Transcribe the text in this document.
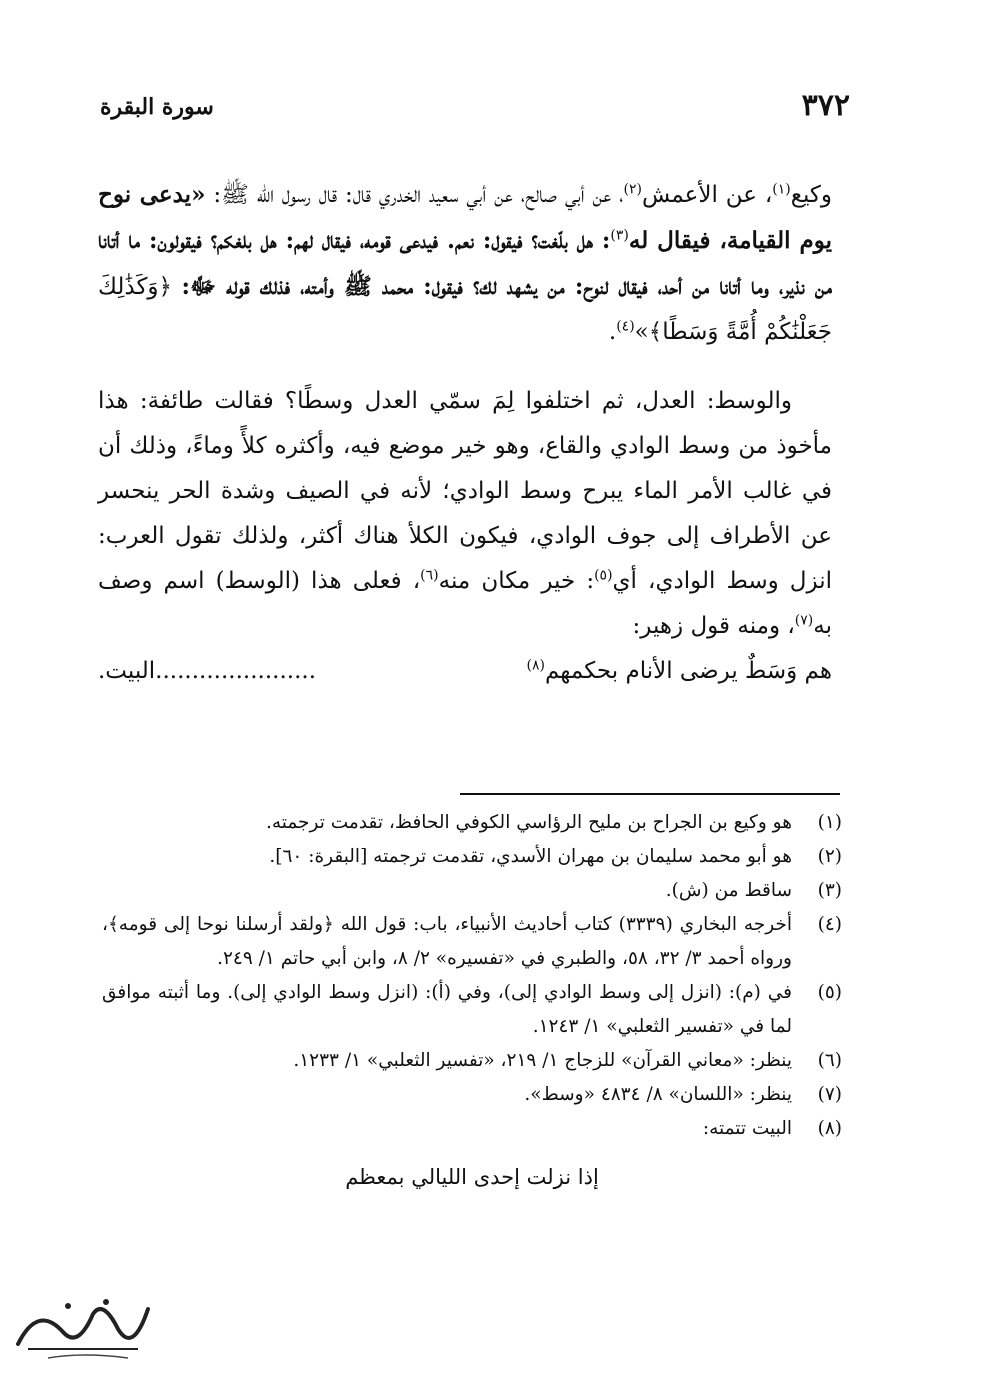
٣٧٢
سورة البقرة

وكيع$^{(١)}$، عن الأعمش$^{(٢)}$، عن أبي صالح، عن أبي سعيد الخدري قال: قال رسول الله ﷺ: «يدعى نوح يوم القيامة، فيقال له$^{(٣)}$: هل بلّغت؟ فيقول: نعم. فيدعى قومه، فيقال لهم: هل بلغكم؟ فيقولون: ما أتانا من نذير، وما أتانا من أحد، فيقال لنوح: من يشهد لك؟ فيقول: محمد ﷺ وأمته، فذلك قوله ﷻ: ﴿وَكَذَٰلِكَ جَعَلْنَٰكُمْ أُمَّةً وَسَطًا﴾»$^{(٤)}$.

والوسط: العدل، ثم اختلفوا لِمَ سمّي العدل وسطًا؟ فقالت طائفة: هذا مأخوذ من وسط الوادي والقاع، وهو خير موضع فيه، وأكثره كلأً وماءً، وذلك أن في غالب الأمر الماء يبرح وسط الوادي؛ لأنه في الصيف وشدة الحر ينحسر عن الأطراف إلى جوف الوادي، فيكون الكلأ هناك أكثر، ولذلك تقول العرب: انزل وسط الوادي، أي$^{(٥)}$: خير مكان منه$^{(٦)}$، فعلى هذا (الوسط) اسم وصف به$^{(٧)}$، ومنه قول زهير:

هم وَسَطٌ يرضى الأنام بحكمهم$^{(٨)}$
......................البيت.
(١)
هو وكيع بن الجراح بن مليح الرؤاسي الكوفي الحافظ، تقدمت ترجمته.
(٢)
هو أبو محمد سليمان بن مهران الأسدي، تقدمت ترجمته [البقرة: ٦٠].
(٣)
ساقط من (ش).
(٤)
أخرجه البخاري (٣٣٣٩) كتاب أحاديث الأنبياء، باب: قول الله ﴿ولقد أرسلنا نوحا إلى قومه﴾، ورواه أحمد ٣/ ٣٢، ٥٨، والطبري في «تفسيره» ٢/ ٨، وابن أبي حاتم ١/ ٢٤٩.
(٥)
في (م): (انزل إلى وسط الوادي إلى)، وفي (أ): (انزل وسط الوادي إلى). وما أثبته موافق لما في «تفسير الثعلبي» ١/ ١٢٤٣.
(٦)
ينظر: «معاني القرآن» للزجاج ١/ ٢١٩، «تفسير الثعلبي» ١/ ١٢٣٣.
(٧)
ينظر: «اللسان» ٨/ ٤٨٣٤ «وسط».
(٨)
البيت تتمته:
إذا نزلت إحدى الليالي بمعظم
